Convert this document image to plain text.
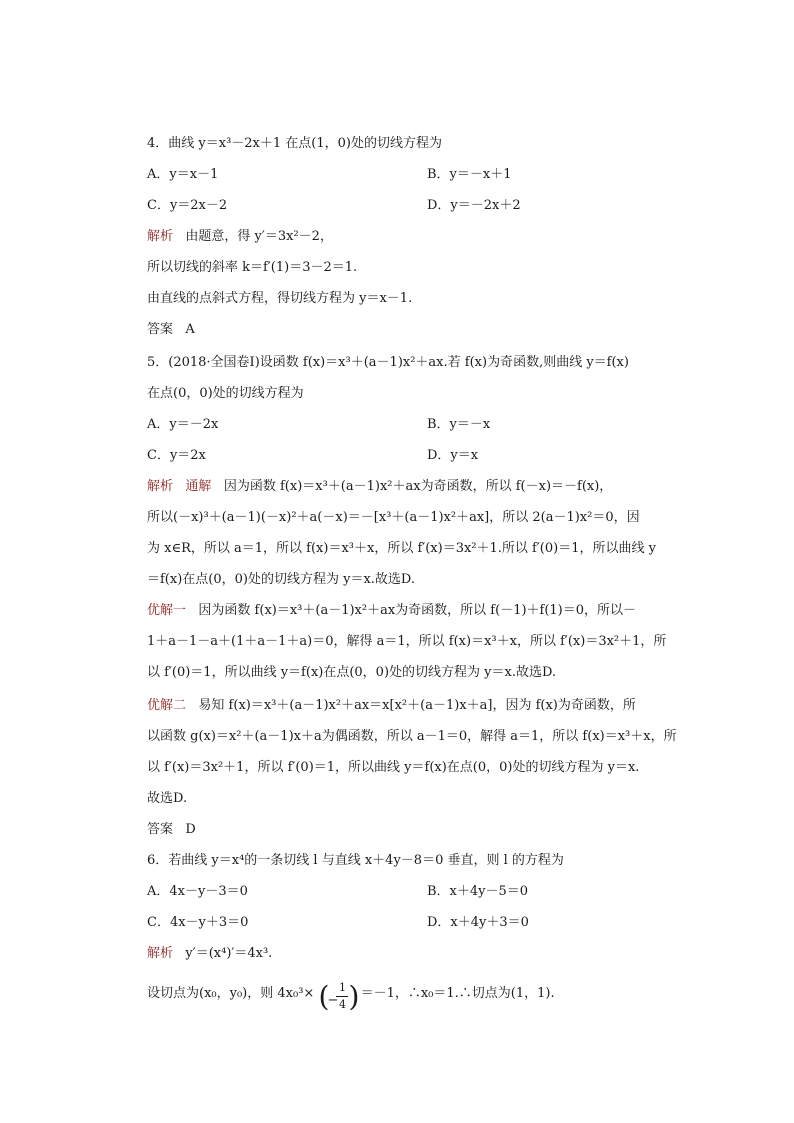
4．曲线 y＝x³－2x＋1 在点(1，0)处的切线方程为
A．y＝x－1	B．y＝－x＋1
C．y＝2x－2	D．y＝－2x＋2
解析 由题意，得 y′＝3x²－2，
所以切线的斜率 k＝f′(1)＝3－2＝1.
由直线的点斜式方程，得切线方程为 y＝x－1.
答案 A
5．(2018·全国卷Ⅰ)设函数 f(x)＝x³＋(a－1)x²＋ax.若 f(x)为奇函数,则曲线 y＝f(x)
在点(0，0)处的切线方程为
A．y＝－2x	B．y＝－x
C．y＝2x	D．y＝x
解析 通解 因为函数 f(x)＝x³＋(a－1)x²＋ax为奇函数，所以 f(－x)＝－f(x)，
所以(－x)³＋(a－1)(－x)²＋a(－x)＝－[x³＋(a－1)x²＋ax]，所以 2(a－1)x²＝0，因
为 x∈R，所以 a＝1，所以 f(x)＝x³＋x，所以 f′(x)＝3x²＋1.所以 f′(0)＝1，所以曲线 y
＝f(x)在点(0，0)处的切线方程为 y＝x.故选D.
优解一 因为函数 f(x)＝x³＋(a－1)x²＋ax为奇函数，所以 f(－1)＋f(1)＝0，所以－
1＋a－1－a＋(1＋a－1＋a)＝0，解得 a＝1，所以 f(x)＝x³＋x，所以 f′(x)＝3x²＋1，所
以 f′(0)＝1，所以曲线 y＝f(x)在点(0，0)处的切线方程为 y＝x.故选D.
优解二 易知 f(x)＝x³＋(a－1)x²＋ax＝x[x²＋(a－1)x＋a]，因为 f(x)为奇函数，所
以函数 g(x)＝x²＋(a－1)x＋a为偶函数，所以 a－1＝0，解得 a＝1，所以 f(x)＝x³＋x，所
以 f′(x)＝3x²＋1，所以 f′(0)＝1，所以曲线 y＝f(x)在点(0，0)处的切线方程为 y＝x.
故选D.
答案 D
6．若曲线 y＝x⁴的一条切线 l 与直线 x＋4y－8＝0 垂直，则 l 的方程为
A．4x－y－3＝0	B．x＋4y－5＝0
C．4x－y＋3＝0	D．x＋4y＋3＝0
解析 y′＝(x⁴)′＝4x³.
设切点为(x₀，y₀)，则 4x₀³× (
−
1
4 ) ＝－1，∴x₀＝1.∴切点为(1，1).
